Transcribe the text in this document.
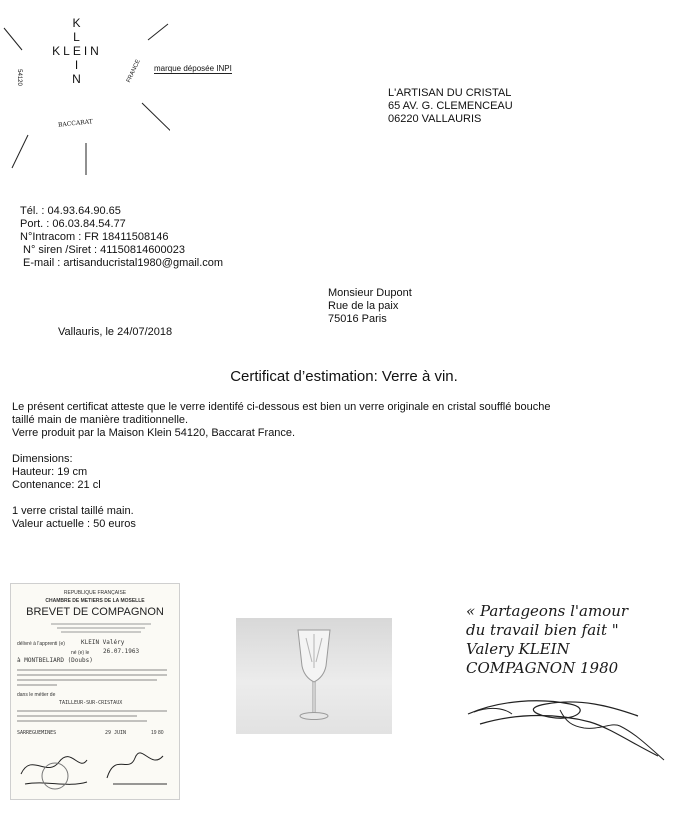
K
L
KLEIN
I
N
54120	FRANCE
BACCARAT
marque déposée INPI
L'ARTISAN DU CRISTAL
65 AV. G. CLEMENCEAU
06220 VALLAURIS
Tél. : 04.93.64.90.65
Port. : 06.03.84.54.77
N°Intracom : FR 18411508146
N° siren /Siret : 41150814600023
E-mail : artisanducristal1980@gmail.com
Monsieur Dupont
Rue de la paix
75016 Paris
Vallauris, le 24/07/2018
Certificat d’estimation: Verre à vin.
Le présent certificat atteste que le verre identifé ci-dessous est bien un verre originale en cristal soufflé bouche
taillé main de manière traditionnelle.
Verre produit par la Maison Klein 54120, Baccarat France.
Dimensions:
Hauteur: 19 cm
Contenance: 21 cl
1 verre cristal taillé main.
Valeur actuelle : 50 euros
REPUBLIQUE FRANÇAISE
CHAMBRE DE METIERS DE LA MOSELLE
BREVET DE COMPAGNON
délivré à l'apprenti (e)	KLEIN Valéry
né (e) le 26.07.1963
à MONTBELIARD (Doubs)
dans le métier de
TAILLEUR-SUR-CRISTAUX
SARREGUEMINES	29 JUIN	19 80
« Partageons l'amour
du travail bien fait "
Valery KLEIN
COMPAGNON 1980
